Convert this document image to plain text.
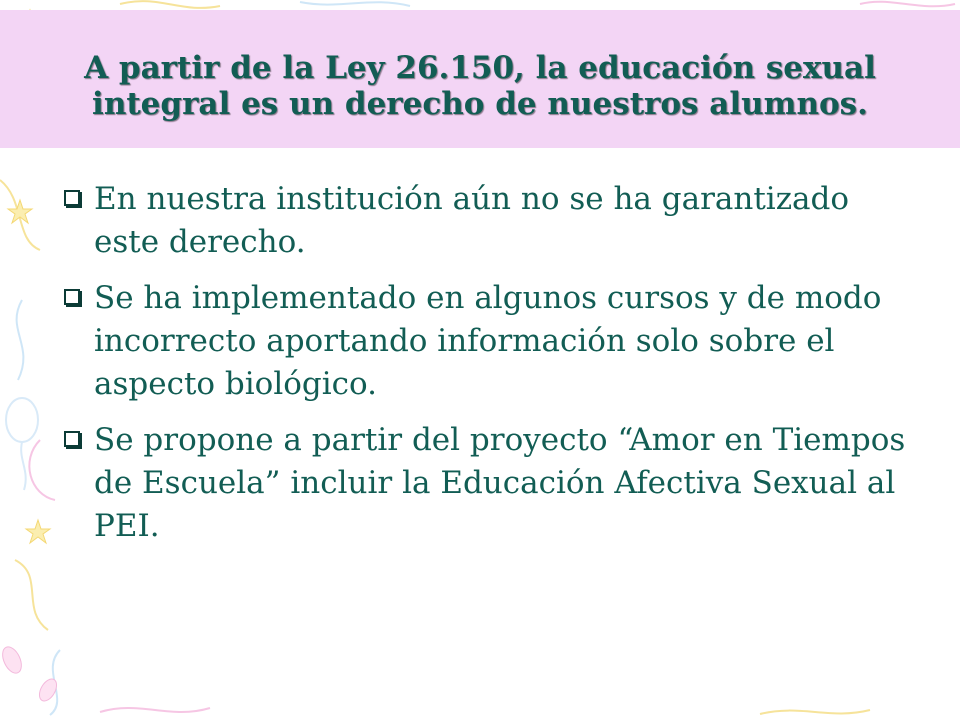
A partir de la Ley 26.150, la educación sexual integral es un derecho de nuestros alumnos.
En nuestra institución aún no se ha garantizado este derecho.
Se ha implementado en algunos cursos y de modo incorrecto aportando información solo sobre el aspecto biológico.
Se propone a partir del proyecto “Amor en Tiempos de Escuela” incluir la Educación Afectiva Sexual al PEI.
